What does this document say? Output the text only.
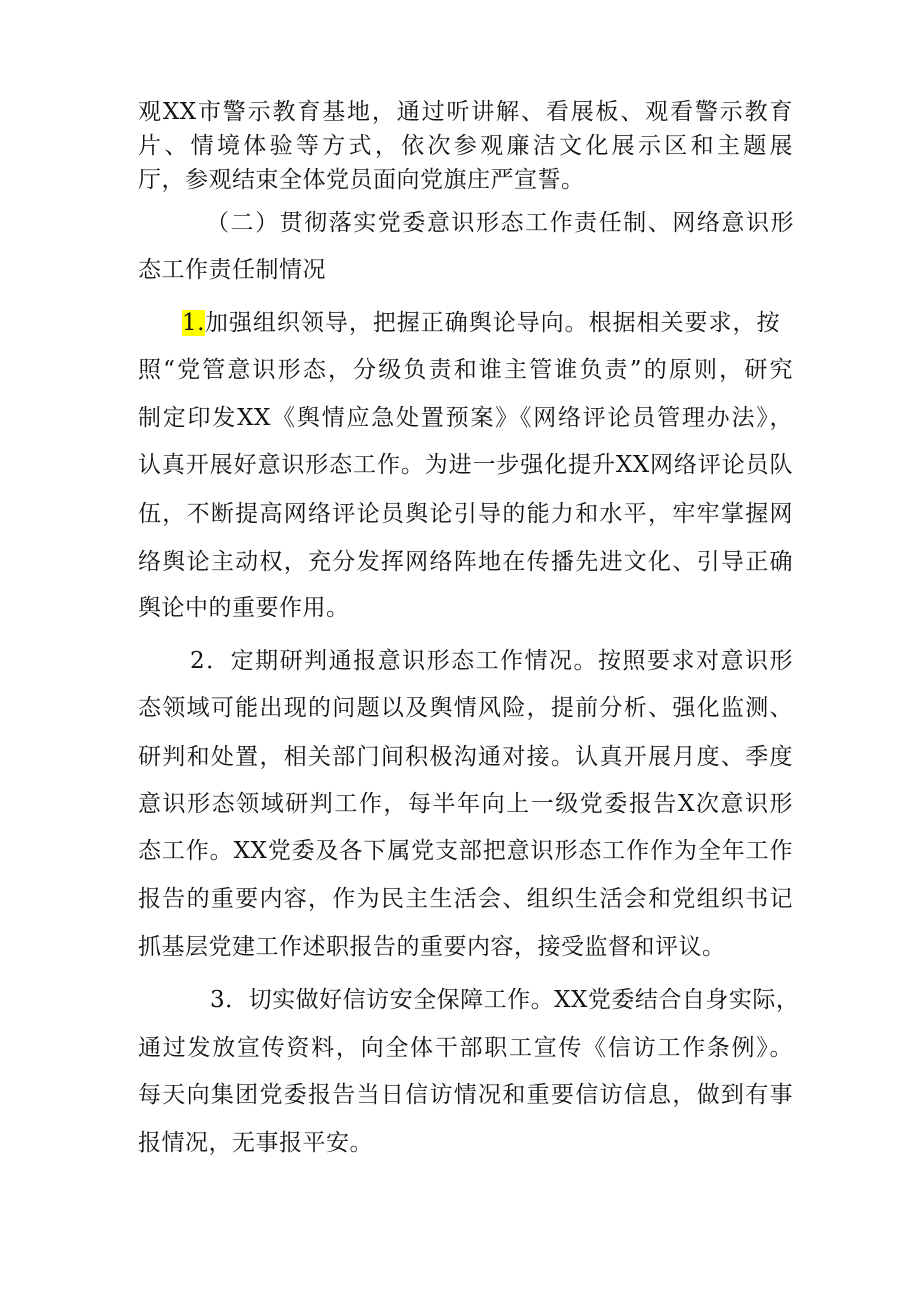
观XX市警示教育基地，通过听讲解、看展板、观看警示教育
片、情境体验等方式，依次参观廉洁文化展示区和主题展
厅，参观结束全体党员面向党旗庄严宣誓。
（二）贯彻落实党委意识形态工作责任制、网络意识形
态工作责任制情况
1.加强组织领导，把握正确舆论导向。根据相关要求，按
照“党管意识形态，分级负责和谁主管谁负责”的原则，研究
制定印发XX《舆情应急处置预案》《网络评论员管理办法》，
认真开展好意识形态工作。为进一步强化提升XX网络评论员队
伍，不断提高网络评论员舆论引导的能力和水平，牢牢掌握网
络舆论主动权，充分发挥网络阵地在传播先进文化、引导正确
舆论中的重要作用。
2．定期研判通报意识形态工作情况。按照要求对意识形
态领域可能出现的问题以及舆情风险，提前分析、强化监测、
研判和处置，相关部门间积极沟通对接。认真开展月度、季度
意识形态领域研判工作，每半年向上一级党委报告X次意识形
态工作。XX党委及各下属党支部把意识形态工作作为全年工作
报告的重要内容，作为民主生活会、组织生活会和党组织书记
抓基层党建工作述职报告的重要内容，接受监督和评议。
3．切实做好信访安全保障工作。XX党委结合自身实际，
通过发放宣传资料，向全体干部职工宣传《信访工作条例》。
每天向集团党委报告当日信访情况和重要信访信息，做到有事
报情况，无事报平安。
